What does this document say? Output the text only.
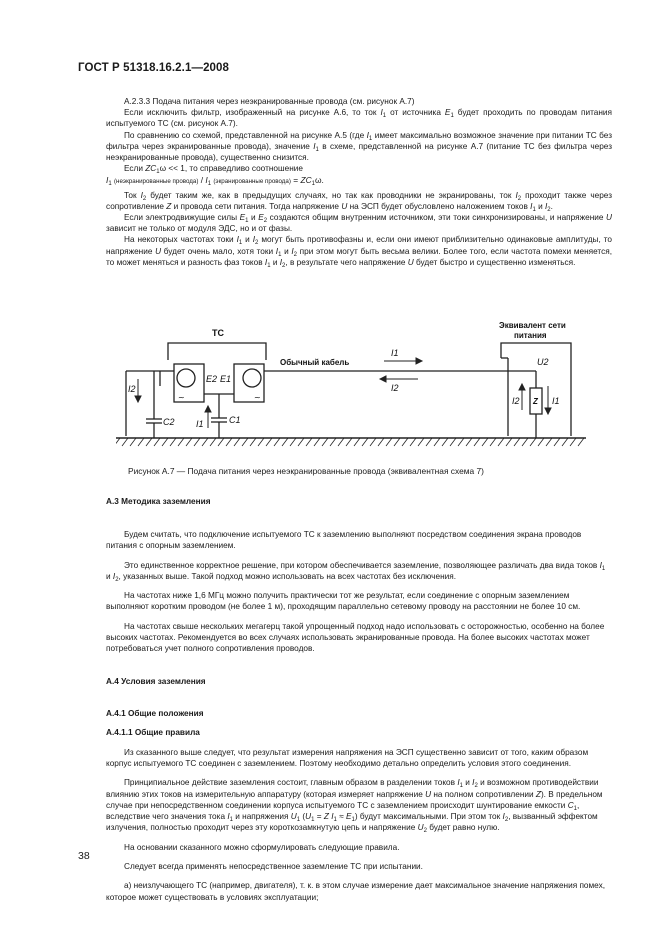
ГОСТ Р 51318.16.2.1—2008

А.2.3.3 Подача питания через неэкранированные провода (см. рисунок А.7)

Если исключить фильтр, изображенный на рисунке А.6, то ток $I_1$ от источника $E_1$ будет проходить по проводам питания испытуемого ТС (см. рисунок А.7).

По сравнению со схемой, представленной на рисунке А.5 (где $I_1$ имеет максимально возможное значение при питании ТС без фильтра через экранированные провода), значение $I_1$ в схеме, представленной на рисунке А.7 (питание ТС без фильтра через неэкранированные провода), существенно снизится.

Если $ZC_1\omega << 1$, то справедливо соотношение

$I_1$ (неэкранированные провода) / $I_1$ (экранированные провода) = $ZC_1\omega$.

Ток $I_2$ будет таким же, как в предыдущих случаях, но так как проводники не экранированы, ток $I_2$ проходит также через сопротивление Z и провода сети питания. Тогда напряжение U на ЭСП будет обусловлено наложением токов $I_1$ и $I_2$.

Если электродвижущие силы $E_1$ и $E_2$ создаются общим внутренним источником, эти токи синхронизированы, и напряжение U зависит не только от модуля ЭДС, но и от фазы.

На некоторых частотах токи $I_1$ и $I_2$ могут быть противофазны и, если они имеют приблизительно одинаковые амплитуды, то напряжение U будет очень мало, хотя токи $I_1$ и $I_2$ при этом могут быть весьма велики. Более того, если частота помехи меняется, то может меняться и разность фаз токов $I_1$ и $I_2$, в результате чего напряжение U будет быстро и существенно изменяться.

~	~
ТС
Эквивалент сети
питания
Обычный кабель	U2
I1
I2
I2
E2 E1
C1
C2 I1
Z
I2	I1
Рисунок А.7 — Подача питания через неэкранированные провода (эквивалентная схема 7)

А.3 Методика заземления

Будем считать, что подключение испытуемого ТС к заземлению выполняют посредством соединения экрана проводов питания с опорным заземлением.

Это единственное корректное решение, при котором обеспечивается заземление, позволяющее различать два вида токов $I_1$ и $I_2$, указанных выше. Такой подход можно использовать на всех частотах без исключения.

На частотах ниже 1,6 МГц можно получить практически тот же результат, если соединение с опорным заземлением выполняют коротким проводом (не более 1 м), проходящим параллельно сетевому проводу на расстоянии не более 10 см.

На частотах свыше нескольких мегагерц такой упрощенный подход надо использовать с осторожностью, особенно на более высоких частотах. Рекомендуется во всех случаях использовать экранированные провода. На более высоких частотах может потребоваться учет полного сопротивления проводов.

А.4 Условия заземления

А.4.1 Общие положения

А.4.1.1 Общие правила

Из сказанного выше следует, что результат измерения напряжения на ЭСП существенно зависит от того, каким образом корпус испытуемого ТС соединен с заземлением. Поэтому необходимо детально определить условия этого соединения.

Принципиальное действие заземления состоит, главным образом в разделении токов $I_1$ и $I_2$ и возможном противодействии влиянию этих токов на измерительную аппаратуру (которая измеряет напряжение U на полном сопротивлении Z). В предельном случае при непосредственном соединении корпуса испытуемого ТС с заземлением происходит шунтирование емкости $C_1$, вследствие чего значения тока $I_1$ и напряжения $U_1$ ($U_1 = Z$ $I_1 \approx E_1$) будут максимальными. При этом ток $I_2$, вызванный эффектом излучения, полностью проходит через эту короткозамкнутую цепь и напряжение $U_2$ будет равно нулю.

На основании сказанного можно сформулировать следующие правила.

Следует всегда применять непосредственное заземление ТС при испытании.

а) неизлучающего ТС (например, двигателя), т. к. в этом случае измерение дает максимальное значение напряжения помех, которое может существовать в условиях эксплуатации;

38
